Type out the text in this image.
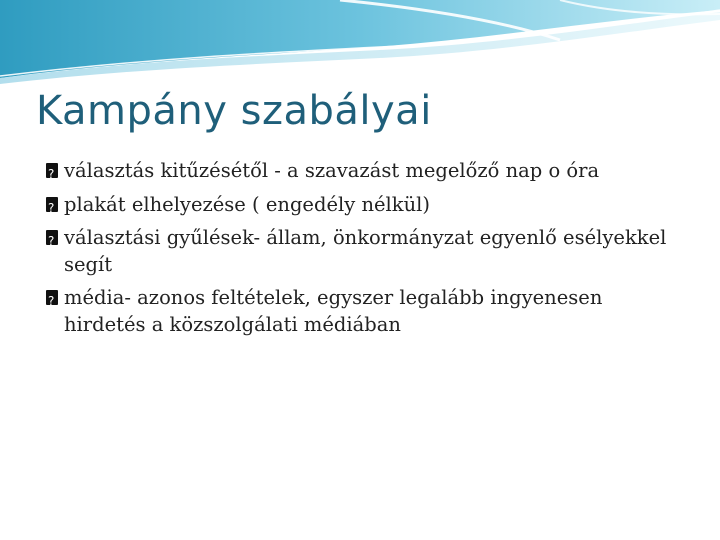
Kampány szabályai
?
választás kitűzésétől - a szavazást megelőző nap o óra
?
plakát elhelyezése ( engedély nélkül)
?
választási gyűlések- állam, önkormányzat egyenlő esélyekkel segít
?
média- azonos feltételek, egyszer legalább ingyenesen hirdetés a közszolgálati médiában
